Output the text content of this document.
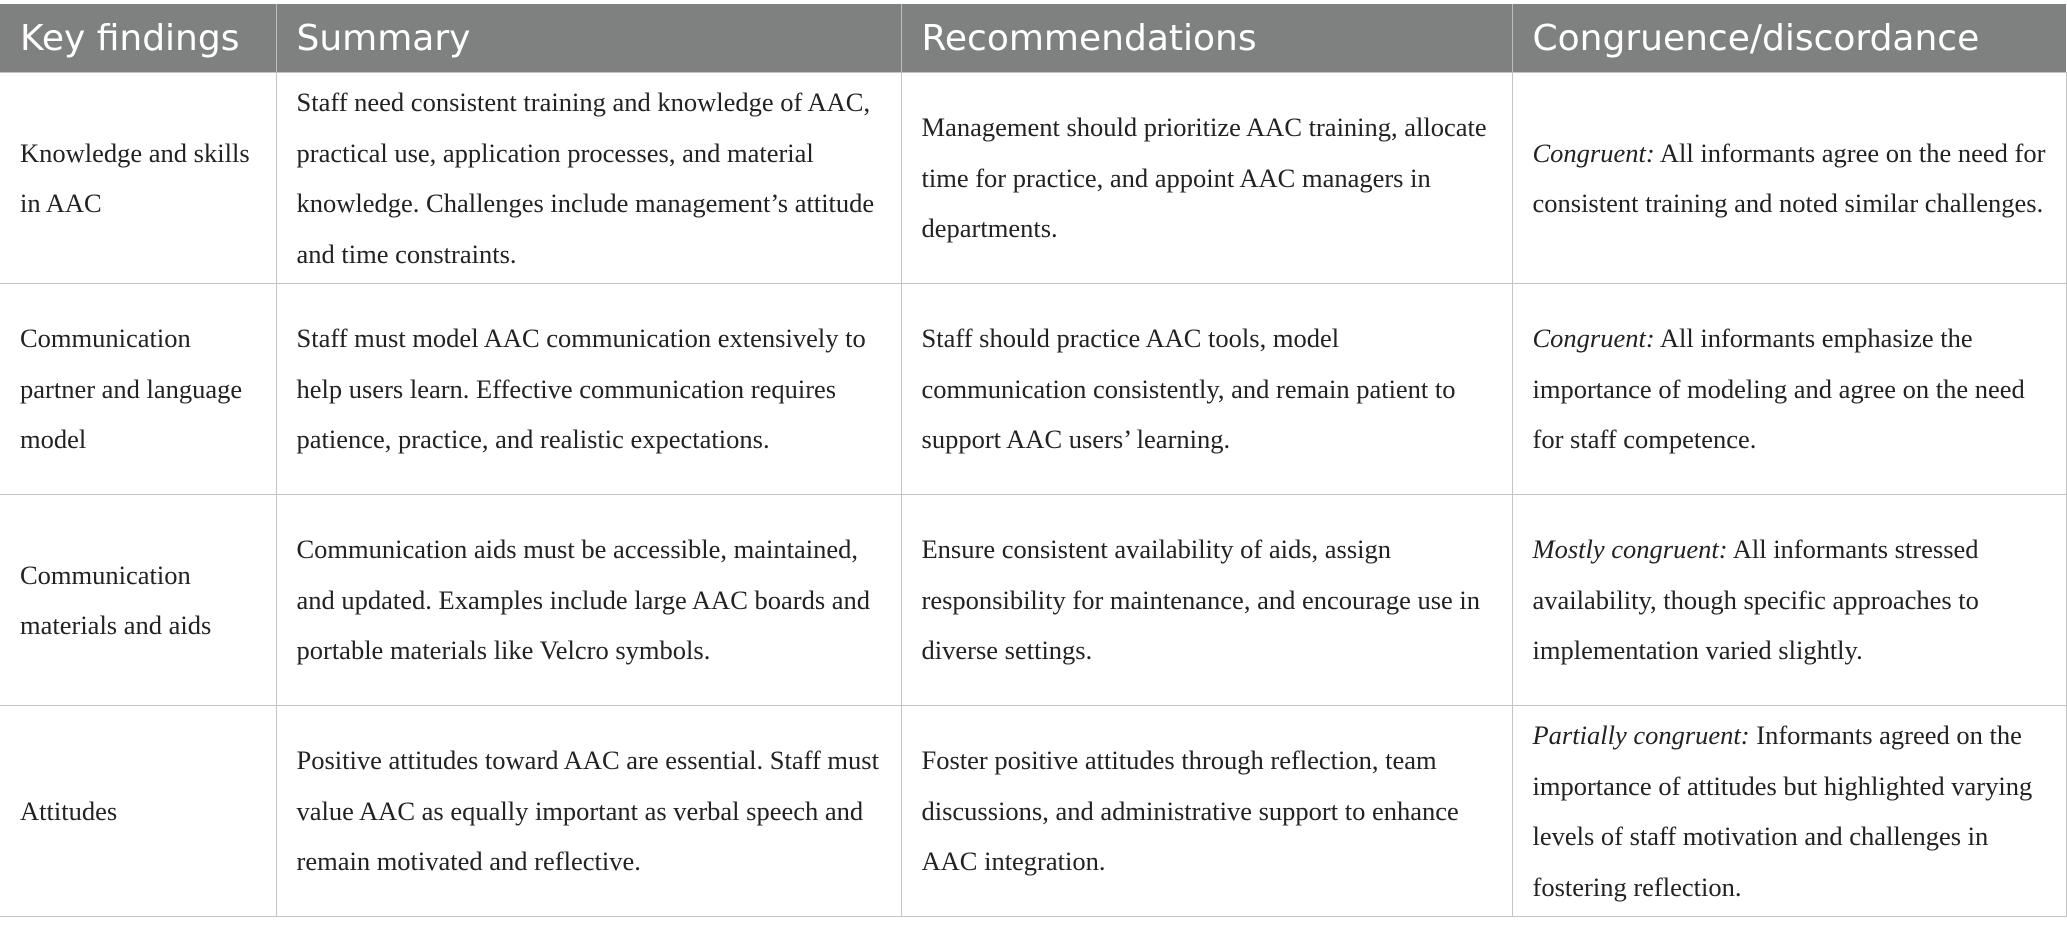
Key findings	Summary	Recommendations	Congruence/discordance
Knowledge and skills in AAC	Staff need consistent training and knowledge of AAC, practical use, application processes, and material knowledge. Challenges include management’s attitude and time constraints.	Management should prioritize AAC training, allocate time for practice, and appoint AAC managers in departments.	Congruent: All informants agree on the need for consistent training and noted similar challenges.
Communication partner and language model	Staff must model AAC communication extensively to help users learn. Effective communication requires patience, practice, and realistic expectations.	Staff should practice AAC tools, model communication consistently, and remain patient to support AAC users’ learning.	Congruent: All informants emphasize the importance of modeling and agree on the need for staff competence.
Communication materials and aids	Communication aids must be accessible, maintained, and updated. Examples include large AAC boards and portable materials like Velcro symbols.	Ensure consistent availability of aids, assign responsibility for maintenance, and encourage use in diverse settings.	Mostly congruent: All informants stressed availability, though specific approaches to implementation varied slightly.
Attitudes	Positive attitudes toward AAC are essential. Staff must value AAC as equally important as verbal speech and remain motivated and reflective.	Foster positive attitudes through reflection, team discussions, and administrative support to enhance AAC integration.	Partially congruent: Informants agreed on the importance of attitudes but highlighted varying levels of staff motivation and challenges in fostering reflection.
